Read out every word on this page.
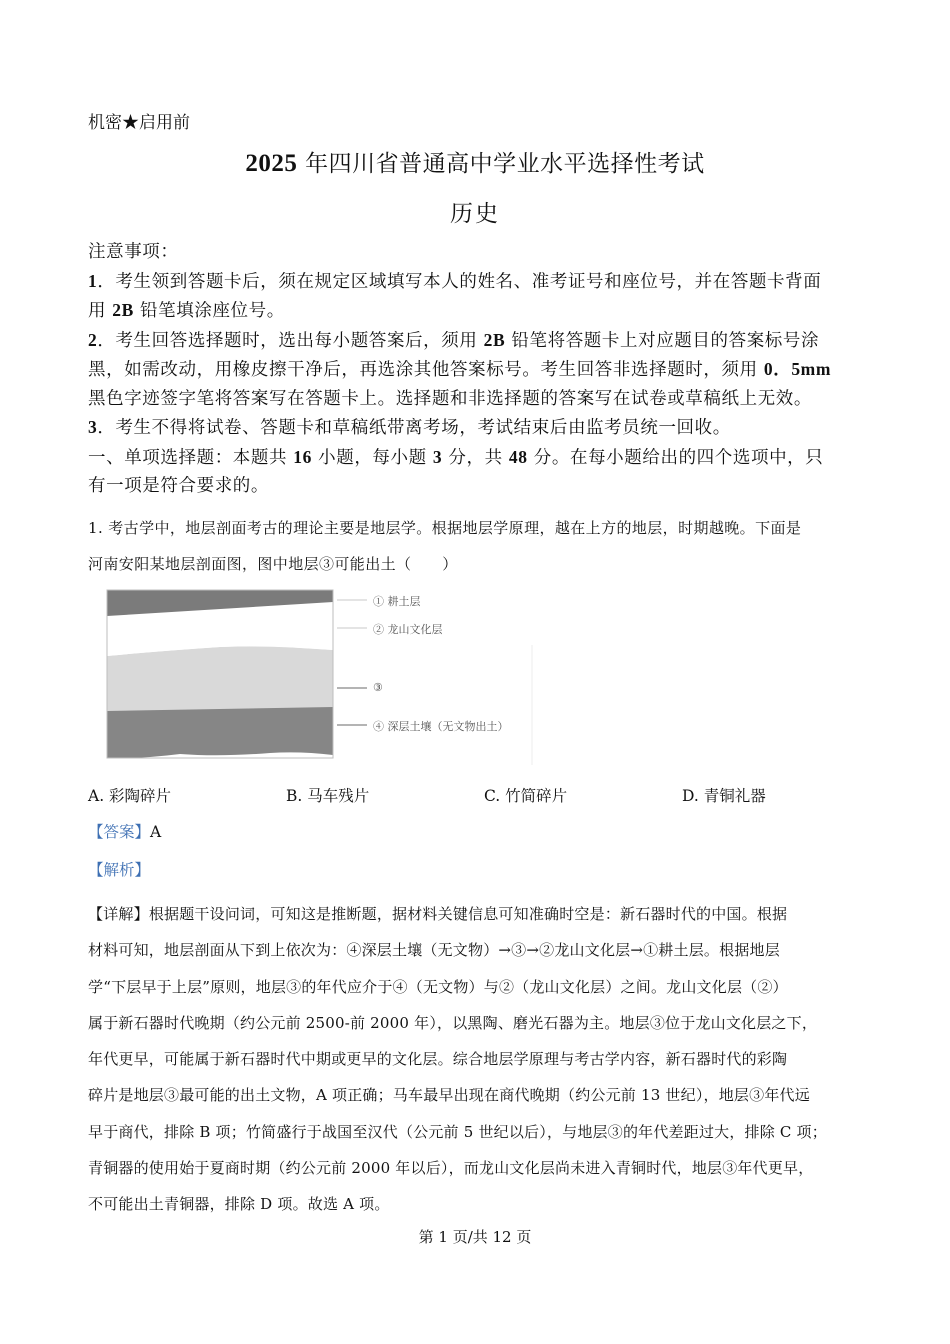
机密★启用前
2025 年四川省普通高中学业水平选择性考试
历史

注意事项：

1．考生领到答题卡后，须在规定区域填写本人的姓名、准考证号和座位号，并在答题卡背面

用 2B 铅笔填涂座位号。

2．考生回答选择题时，选出每小题答案后，须用 2B 铅笔将答题卡上对应题目的答案标号涂

黑，如需改动，用橡皮擦干净后，再选涂其他答案标号。考生回答非选择题时，须用 0．5mm

黑色字迹签字笔将答案写在答题卡上。选择题和非选择题的答案写在试卷或草稿纸上无效。

3．考生不得将试卷、答题卡和草稿纸带离考场，考试结束后由监考员统一回收。

一、单项选择题：本题共 16 小题，每小题 3 分，共 48 分。在每小题给出的四个选项中，只

有一项是符合要求的。

1. 考古学中，地层剖面考古的理论主要是地层学。根据地层学原理，越在上方的地层，时期越晚。下面是

河南安阳某地层剖面图，图中地层③可能出土（　　）

① 耕土层
② 龙山文化层
③
④ 深层土壤（无文物出土）
A. 彩陶碎片	B. 马车残片	C. 竹简碎片	D. 青铜礼器
【答案】A
【解析】

【详解】根据题干设问词，可知这是推断题，据材料关键信息可知准确时空是：新石器时代的中国。根据

材料可知，地层剖面从下到上依次为：④深层土壤（无文物）→③→②龙山文化层→①耕土层。根据地层

学“下层早于上层”原则，地层③的年代应介于④（无文物）与②（龙山文化层）之间。龙山文化层（②）

属于新石器时代晚期（约公元前 2500-前 2000 年），以黑陶、磨光石器为主。地层③位于龙山文化层之下，

年代更早，可能属于新石器时代中期或更早的文化层。综合地层学原理与考古学内容，新石器时代的彩陶

碎片是地层③最可能的出土文物，A 项正确；马车最早出现在商代晚期（约公元前 13 世纪），地层③年代远

早于商代，排除 B 项；竹简盛行于战国至汉代（公元前 5 世纪以后），与地层③的年代差距过大，排除 C 项；

青铜器的使用始于夏商时期（约公元前 2000 年以后），而龙山文化层尚未进入青铜时代，地层③年代更早，

不可能出土青铜器，排除 D 项。故选 A 项。

第 1 页/共 12 页
